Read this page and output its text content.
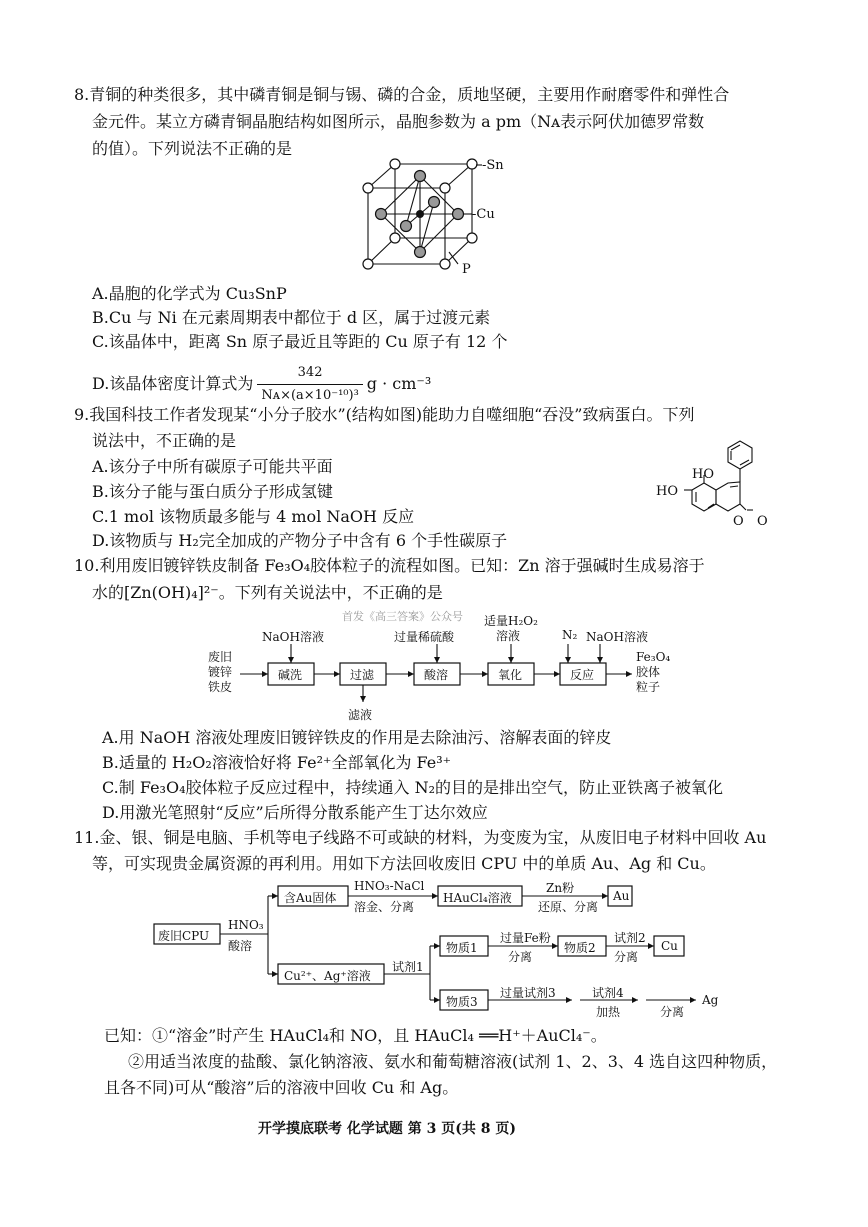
8.青铜的种类很多，其中磷青铜是铜与锡、磷的合金，质地坚硬，主要用作耐磨零件和弹性合
金元件。某立方磷青铜晶胞结构如图所示，晶胞参数为 a pm（Nᴀ表示阿伏加德罗常数
的值）。下列说法不正确的是
-Sn
-Cu
P
A.晶胞的化学式为 Cu₃SnP
B.Cu 与 Ni 在元素周期表中都位于 d 区，属于过渡元素
C.该晶体中，距离 Sn 原子最近且等距的 Cu 原子有 12 个
D.该晶体密度计算式为 $\frac{342}{\text{Nᴀ×(a×10⁻¹⁰)³}}$ g · cm⁻³
9.我国科技工作者发现某“小分子胶水”(结构如图)能助力自噬细胞“吞没”致病蛋白。下列
说法中，不正确的是
A.该分子中所有碳原子可能共平面
B.该分子能与蛋白质分子形成氢键
C.1 mol 该物质最多能与 4 mol NaOH 反应
D.该物质与 H₂完全加成的产物分子中含有 6 个手性碳原子
HO
HO
O O
10.利用废旧镀锌铁皮制备 Fe₃O₄胶体粒子的流程如图。已知：Zn 溶于强碱时生成易溶于
水的[Zn(OH)₄]²⁻。下列有关说法中，不正确的是
首发《高三答案》公众号
废旧
镀锌
铁皮
碱洗	过滤	酸溶	氧化	反应
NaOH溶液	过量稀硫酸
适量H₂O₂
溶液	N₂ NaOH溶液
滤液
Fe₃O₄
胶体
粒子
A.用 NaOH 溶液处理废旧镀锌铁皮的作用是去除油污、溶解表面的锌皮
B.适量的 H₂O₂溶液恰好将 Fe²⁺全部氧化为 Fe³⁺
C.制 Fe₃O₄胶体粒子反应过程中，持续通入 N₂的目的是排出空气，防止亚铁离子被氧化
D.用激光笔照射“反应”后所得分散系能产生丁达尔效应
11.金、银、铜是电脑、手机等电子线路不可或缺的材料，为变废为宝，从废旧电子材料中回收 Au
等，可实现贵金属资源的再利用。用如下方法回收废旧 CPU 中的单质 Au、Ag 和 Cu。
废旧CPU
HNO₃
酸溶
含Au固体
HNO₃-NaCl
溶金、分离
HAuCl₄溶液
Zn粉
还原、分离
Au
Cu²⁺、Ag⁺溶液
试剂1
物质1
过量Fe粉
分离
物质2
试剂2
分离
Cu
物质3
过量试剂3	试剂4
加热	分离
Ag
已知：①“溶金”时产生 HAuCl₄和 NO，且 HAuCl₄ ══H⁺＋AuCl₄⁻。
②用适当浓度的盐酸、氯化钠溶液、氨水和葡萄糖溶液(试剂 1、2、3、4 选自这四种物质，
且各不同)可从“酸溶”后的溶液中回收 Cu 和 Ag。
开学摸底联考 化学试题 第 3 页(共 8 页)
